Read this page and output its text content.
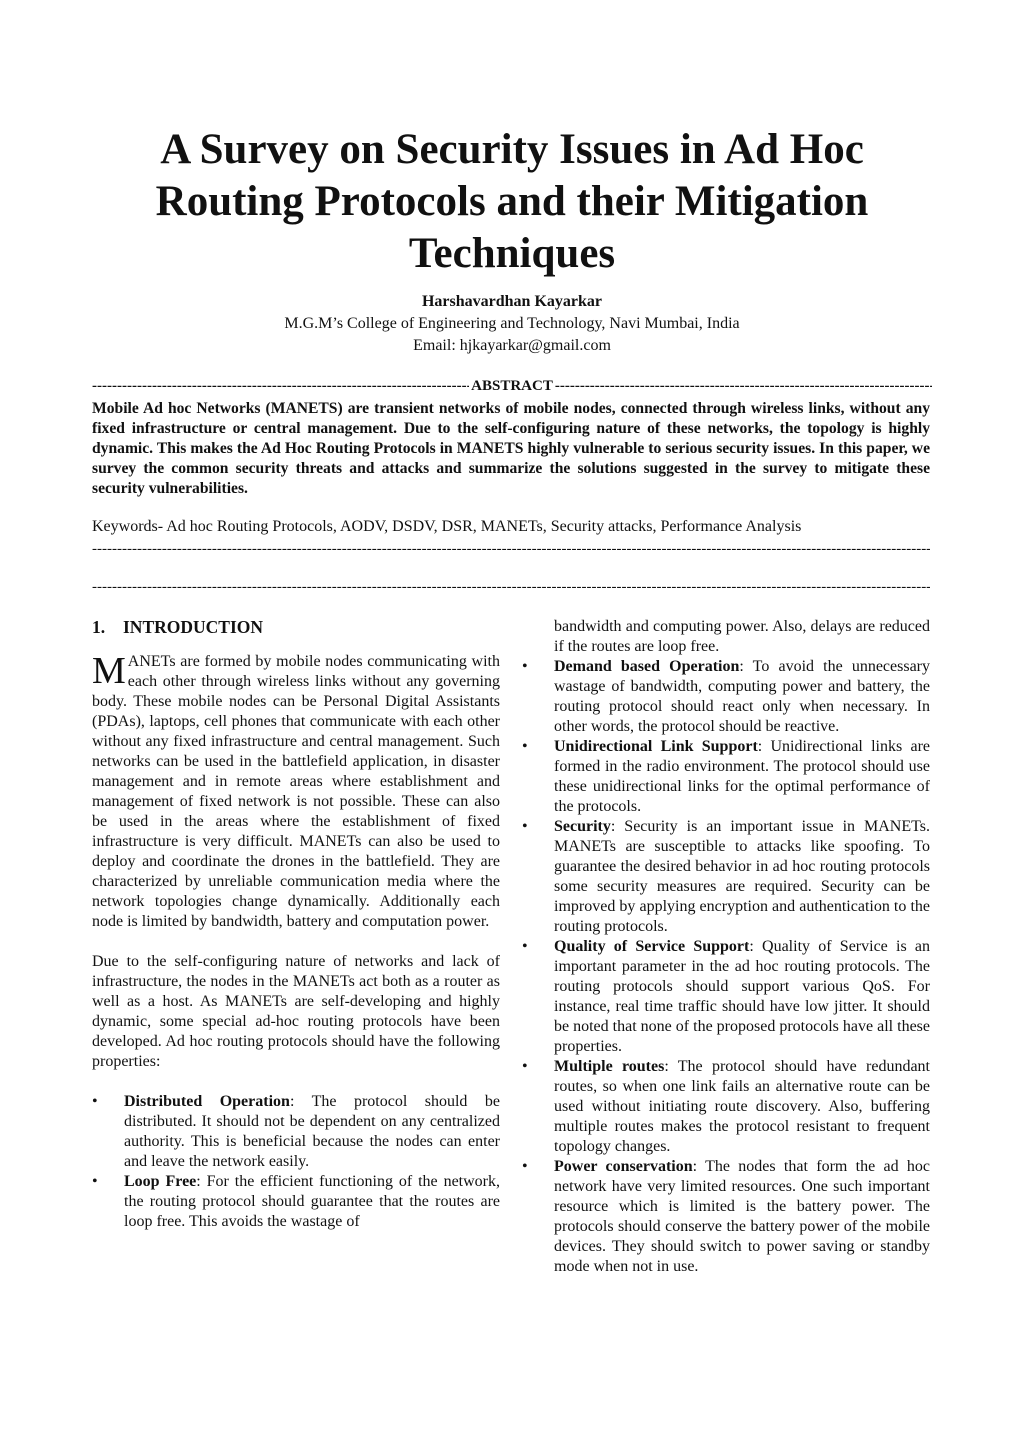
A Survey on Security Issues in Ad Hoc Routing Protocols and their Mitigation Techniques
Harshavardhan Kayarkar
M.G.M’s College of Engineering and Technology, Navi Mumbai, India
Email: hjkayarkar@gmail.com
-----
ABSTRACT
-----

Mobile Ad hoc Networks (MANETS) are transient networks of mobile nodes, connected through wireless links, without any fixed infrastructure or central management. Due to the self-configuring nature of these networks, the topology is highly dynamic. This makes the Ad Hoc Routing Protocols in MANETS highly vulnerable to serious security issues. In this paper, we survey the common security threats and attacks and summarize the solutions suggested in the survey to mitigate these security vulnerabilities.

Keywords- Ad hoc Routing Protocols, AODV, DSDV, DSR, MANETs, Security attacks, Performance Analysis
-----
-----
1. INTRODUCTION

M ANETs are formed by mobile nodes communicating with each other through wireless links without any governing body. These mobile nodes can be Personal Digital Assistants (PDAs), laptops, cell phones that communicate with each other without any fixed infrastructure and central management. Such networks can be used in the battlefield application, in disaster management and in remote areas where establishment and management of fixed network is not possible. These can also be used in the areas where the establishment of fixed infrastructure is very difficult. MANETs can also be used to deploy and coordinate the drones in the battlefield. They are characterized by unreliable communication media where the network topologies change dynamically. Additionally each node is limited by bandwidth, battery and computation power.

Due to the self-configuring nature of networks and lack of infrastructure, the nodes in the MANETs act both as a router as well as a host. As MANETs are self-developing and highly dynamic, some special ad-hoc routing protocols have been developed. Ad hoc routing protocols should have the following properties:

• Distributed Operation: The protocol should be distributed. It should not be dependent on any centralized authority. This is beneficial because the nodes can enter and leave the network easily.
• Loop Free: For the efficient functioning of the network, the routing protocol should guarantee that the routes are loop free. This avoids the wastage of

bandwidth and computing power. Also, delays are reduced if the routes are loop free.

• Demand based Operation: To avoid the unnecessary wastage of bandwidth, computing power and battery, the routing protocol should react only when necessary. In other words, the protocol should be reactive.
• Unidirectional Link Support: Unidirectional links are formed in the radio environment. The protocol should use these unidirectional links for the optimal performance of the protocols.
• Security: Security is an important issue in MANETs. MANETs are susceptible to attacks like spoofing. To guarantee the desired behavior in ad hoc routing protocols some security measures are required. Security can be improved by applying encryption and authentication to the routing protocols.
• Quality of Service Support: Quality of Service is an important parameter in the ad hoc routing protocols. The routing protocols should support various QoS. For instance, real time traffic should have low jitter. It should be noted that none of the proposed protocols have all these properties.
• Multiple routes: The protocol should have redundant routes, so when one link fails an alternative route can be used without initiating route discovery. Also, buffering multiple routes makes the protocol resistant to frequent topology changes.
• Power conservation: The nodes that form the ad hoc network have very limited resources. One such important resource which is limited is the battery power. The protocols should conserve the battery power of the mobile devices. They should switch to power saving or standby mode when not in use.
